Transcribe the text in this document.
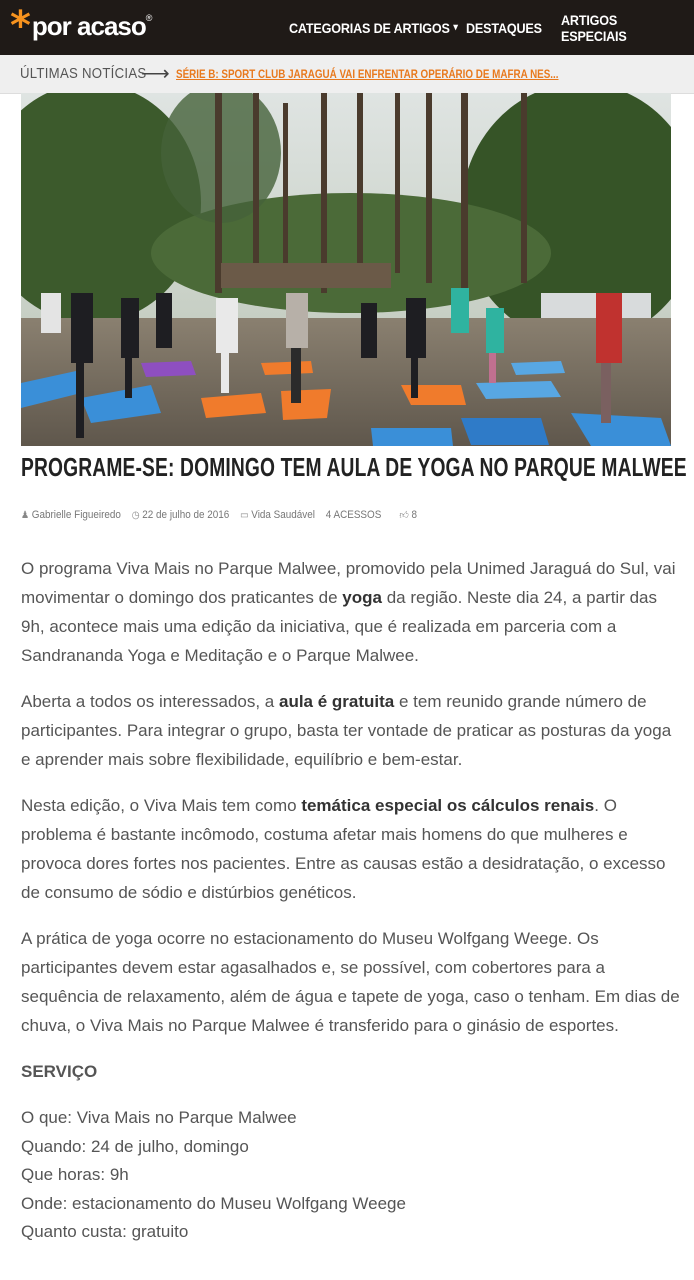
* por acaso ®
CATEGORIAS DE ARTIGOS ▾ DESTAQUES ARTIGOS ESPECIAIS
ÚLTIMAS NOTÍCIAS
⟶ SÉRIE B: SPORT CLUB JARAGUÁ VAI ENFRENTAR OPERÁRIO DE MAFRA NES...
PROGRAME-SE: DOMINGO TEM AULA DE YOGA NO PARQUE MALWEE
♟ Gabrielle Figueiredo ◷ 22 de julho de 2016 ▭ Vida Saudável 4 ACESSOS 👍︎ 8

O programa Viva Mais no Parque Malwee, promovido pela Unimed Jaraguá do Sul, vai movimentar o domingo dos praticantes de yoga da região. Neste dia 24, a partir das 9h, acontece mais uma edição da iniciativa, que é realizada em parceria com a Sandrananda Yoga e Meditação e o Parque Malwee.

Aberta a todos os interessados, a aula é gratuita e tem reunido grande número de participantes. Para integrar o grupo, basta ter vontade de praticar as posturas da yoga e aprender mais sobre flexibilidade, equilíbrio e bem-estar.

Nesta edição, o Viva Mais tem como temática especial os cálculos renais. O problema é bastante incômodo, costuma afetar mais homens do que mulheres e provoca dores fortes nos pacientes. Entre as causas estão a desidratação, o excesso de consumo de sódio e distúrbios genéticos.

A prática de yoga ocorre no estacionamento do Museu Wolfgang Weege. Os participantes devem estar agasalhados e, se possível, com cobertores para a sequência de relaxamento, além de água e tapete de yoga, caso o tenham. Em dias de chuva, o Viva Mais no Parque Malwee é transferido para o ginásio de esportes.

SERVIÇO

O que: Viva Mais no Parque Malwee
Quando: 24 de julho, domingo
Que horas: 9h
Onde: estacionamento do Museu Wolfgang Weege
Quanto custa: gratuito
